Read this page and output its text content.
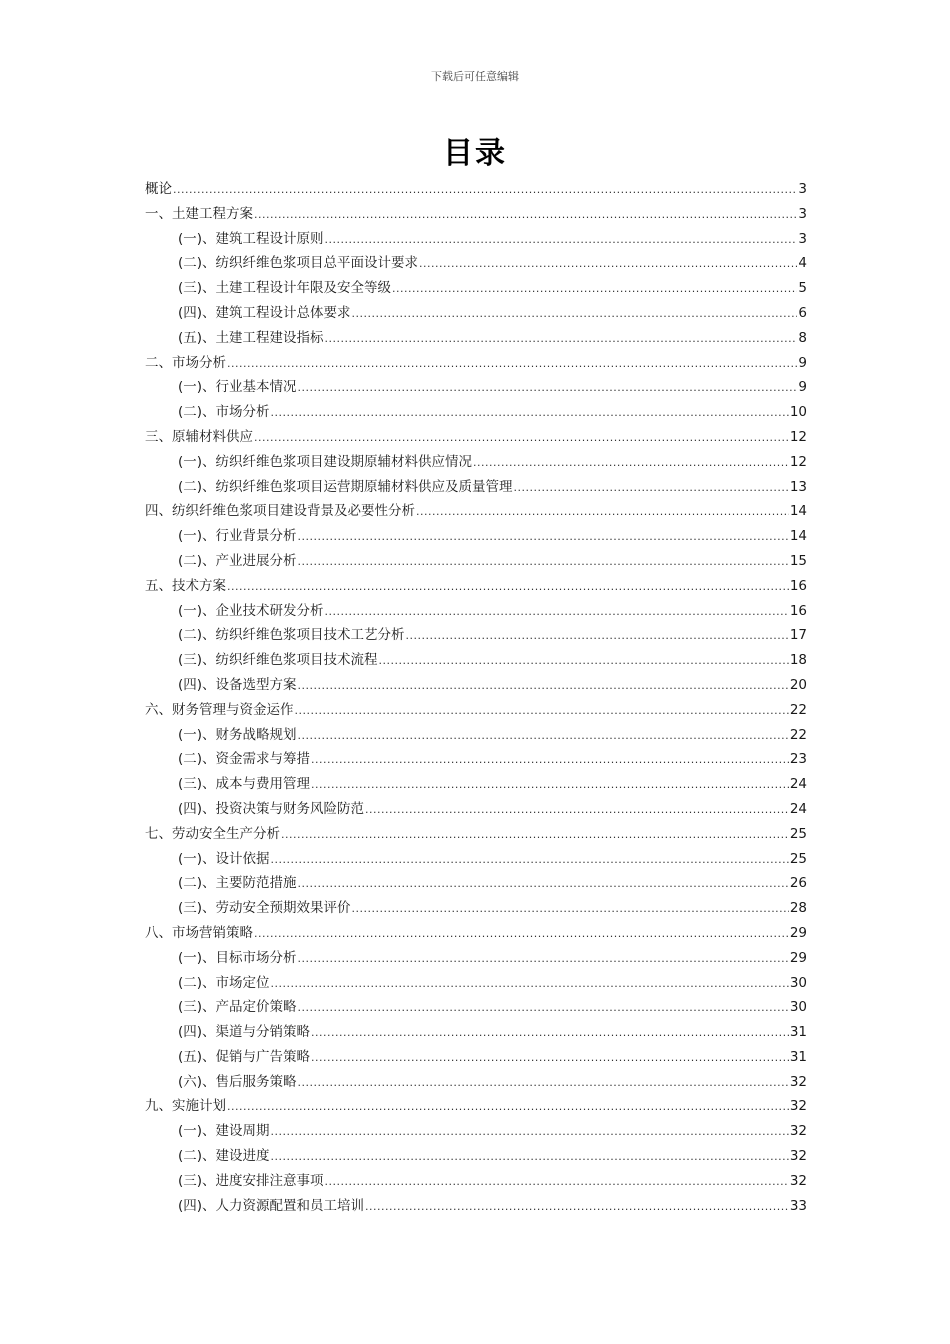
下载后可任意编辑
目录
概论 .....	3
一、土建工程方案 .....	3
(一)、建筑工程设计原则 .....	3
(二)、纺织纤维色浆项目总平面设计要求 .....	4
(三)、土建工程设计年限及安全等级 .....	5
(四)、建筑工程设计总体要求 .....	6
(五)、土建工程建设指标 .....	8
二、市场分析 .....	9
(一)、行业基本情况 .....	9
(二)、市场分析 .....	10
三、原辅材料供应 .....	12
(一)、纺织纤维色浆项目建设期原辅材料供应情况 .....	12
(二)、纺织纤维色浆项目运营期原辅材料供应及质量管理 .....	13
四、纺织纤维色浆项目建设背景及必要性分析 .....	14
(一)、行业背景分析 .....	14
(二)、产业进展分析 .....	15
五、技术方案 .....	16
(一)、企业技术研发分析 .....	16
(二)、纺织纤维色浆项目技术工艺分析 .....	17
(三)、纺织纤维色浆项目技术流程 .....	18
(四)、设备选型方案 .....	20
六、财务管理与资金运作 .....	22
(一)、财务战略规划 .....	22
(二)、资金需求与筹措 .....	23
(三)、成本与费用管理 .....	24
(四)、投资决策与财务风险防范 .....	24
七、劳动安全生产分析 .....	25
(一)、设计依据 .....	25
(二)、主要防范措施 .....	26
(三)、劳动安全预期效果评价 .....	28
八、市场营销策略 .....	29
(一)、目标市场分析 .....	29
(二)、市场定位 .....	30
(三)、产品定价策略 .....	30
(四)、渠道与分销策略 .....	31
(五)、促销与广告策略 .....	31
(六)、售后服务策略 .....	32
九、实施计划 .....	32
(一)、建设周期 .....	32
(二)、建设进度 .....	32
(三)、进度安排注意事项 .....	32
(四)、人力资源配置和员工培训 .....	33
